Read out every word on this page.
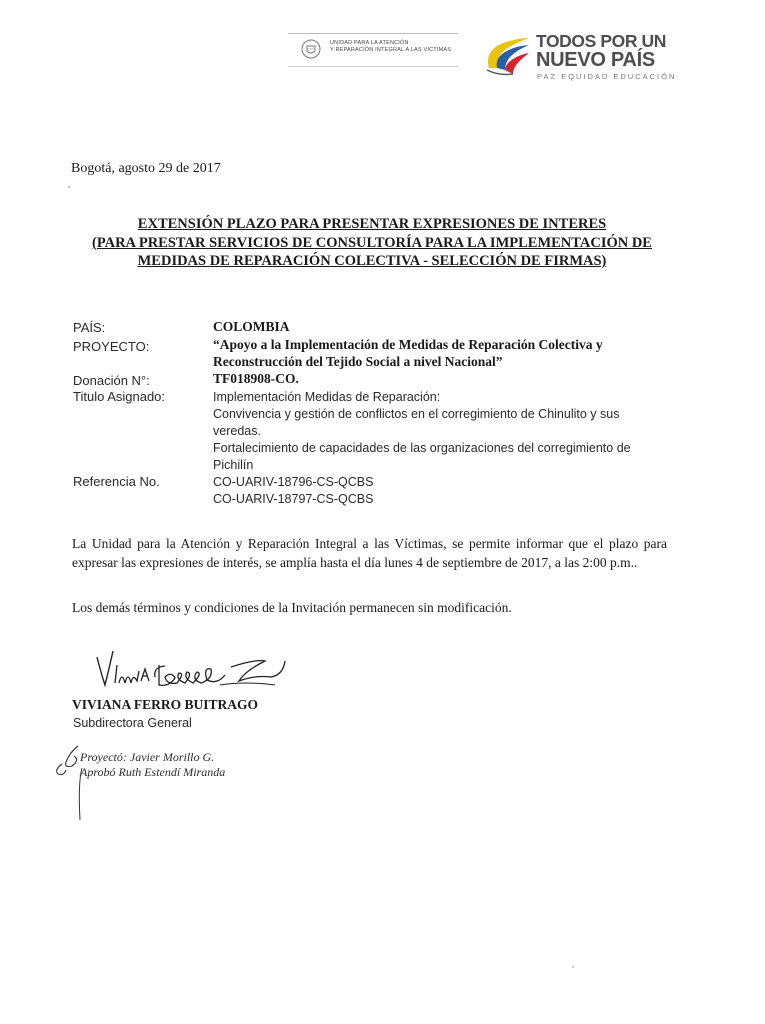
UNIDAD PARA LA ATENCIÓN
Y REPARACIÓN INTEGRAL A LAS VÍCTIMAS	TODOS POR UN
NUEVO PAÍS
PAZ EQUIDAD EDUCACIÓN
Bogotá, agosto 29 de 2017
EXTENSIÓN PLAZO PARA PRESENTAR EXPRESIONES DE INTERES
(PARA PRESTAR SERVICIOS DE CONSULTORÍA PARA LA IMPLEMENTACIÓN DE
MEDIDAS DE REPARACIÓN COLECTIVA - SELECCIÓN DE FIRMAS)
PAÍS:	COLOMBIA
PROYECTO:	“Apoyo a la Implementación de Medidas de Reparación Colectiva y
Reconstrucción del Tejido Social a nivel Nacional”
Donación N°:	TF018908-CO.
Titulo Asignado:	Implementación Medidas de Reparación:
Convivencia y gestión de conflictos en el corregimiento de Chinulito y sus
veredas.
Fortalecimiento de capacidades de las organizaciones del corregimiento de
Pichilín
Referencia No.	CO-UARIV-18796-CS-QCBS
CO-UARIV-18797-CS-QCBS
La Unidad para la Atención y Reparación Integral a las Víctimas, se permite informar que el plazo para expresar las expresiones de interés, se amplía hasta el día lunes 4 de septiembre de 2017, a las 2:00 p.m..
Los demás términos y condiciones de la Invitación permanecen sin modificación.
VIVIANA FERRO BUITRAGO
Subdirectora General
Proyectó: Javier Morillo G.
Aprobó Ruth Estendí Miranda
